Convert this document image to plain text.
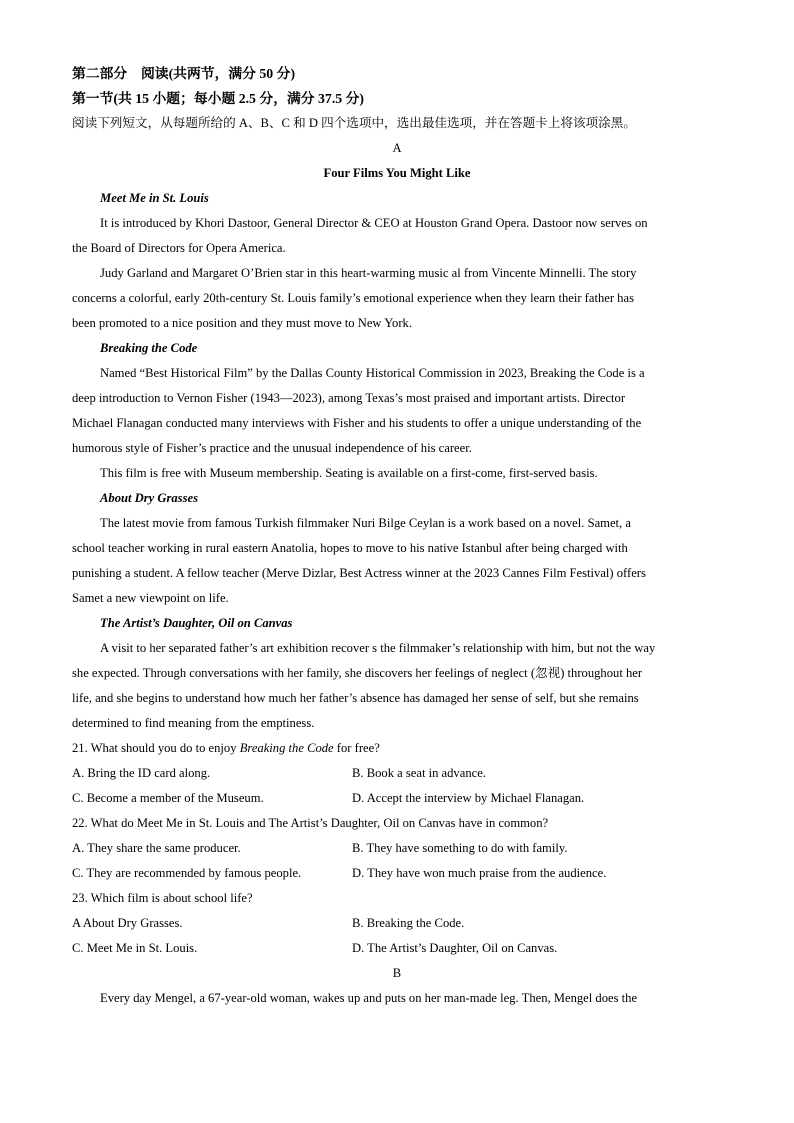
第二部分　阅读(共两节，满分 50 分)
第一节(共 15 小题；每小题 2.5 分，满分 37.5 分)
阅读下列短文，从每题所给的 A、B、C 和 D 四个选项中，选出最佳选项，并在答题卡上将该项涂黑。
A
Four Films You Might Like
Meet Me in St. Louis
It is introduced by Khori Dastoor, General Director & CEO at Houston Grand Opera. Dastoor now serves on
the Board of Directors for Opera America.
Judy Garland and Margaret O’Brien star in this heart-warming music al from Vincente Minnelli. The story
concerns a colorful, early 20th-century St. Louis family’s emotional experience when they learn their father has
been promoted to a nice position and they must move to New York.
Breaking the Code
Named “Best Historical Film” by the Dallas County Historical Commission in 2023, Breaking the Code is a
deep introduction to Vernon Fisher (1943—2023), among Texas’s most praised and important artists. Director
Michael Flanagan conducted many interviews with Fisher and his students to offer a unique understanding of the
humorous style of Fisher’s practice and the unusual independence of his career.
This film is free with Museum membership. Seating is available on a first-come, first-served basis.
About Dry Grasses
The latest movie from famous Turkish filmmaker Nuri Bilge Ceylan is a work based on a novel. Samet, a
school teacher working in rural eastern Anatolia, hopes to move to his native Istanbul after being charged with
punishing a student. A fellow teacher (Merve Dizlar, Best Actress winner at the 2023 Cannes Film Festival) offers
Samet a new viewpoint on life.
The Artist’s Daughter, Oil on Canvas
A visit to her separated father’s art exhibition recover s the filmmaker’s relationship with him, but not the way
she expected. Through conversations with her family, she discovers her feelings of neglect (忽视) throughout her
life, and she begins to understand how much her father’s absence has damaged her sense of self, but she remains
determined to find meaning from the emptiness.
21. What should you do to enjoy Breaking the Code for free?
A. Bring the ID card along.	B. Book a seat in advance.
C. Become a member of the Museum.	D. Accept the interview by Michael Flanagan.
22. What do Meet Me in St. Louis and The Artist’s Daughter, Oil on Canvas have in common?
A. They share the same producer.	B. They have something to do with family.
C. They are recommended by famous people.	D. They have won much praise from the audience.
23. Which film is about school life?
A About Dry Grasses.	B. Breaking the Code.
C. Meet Me in St. Louis.	D. The Artist’s Daughter, Oil on Canvas.
B
Every day Mengel, a 67-year-old woman, wakes up and puts on her man-made leg. Then, Mengel does the
